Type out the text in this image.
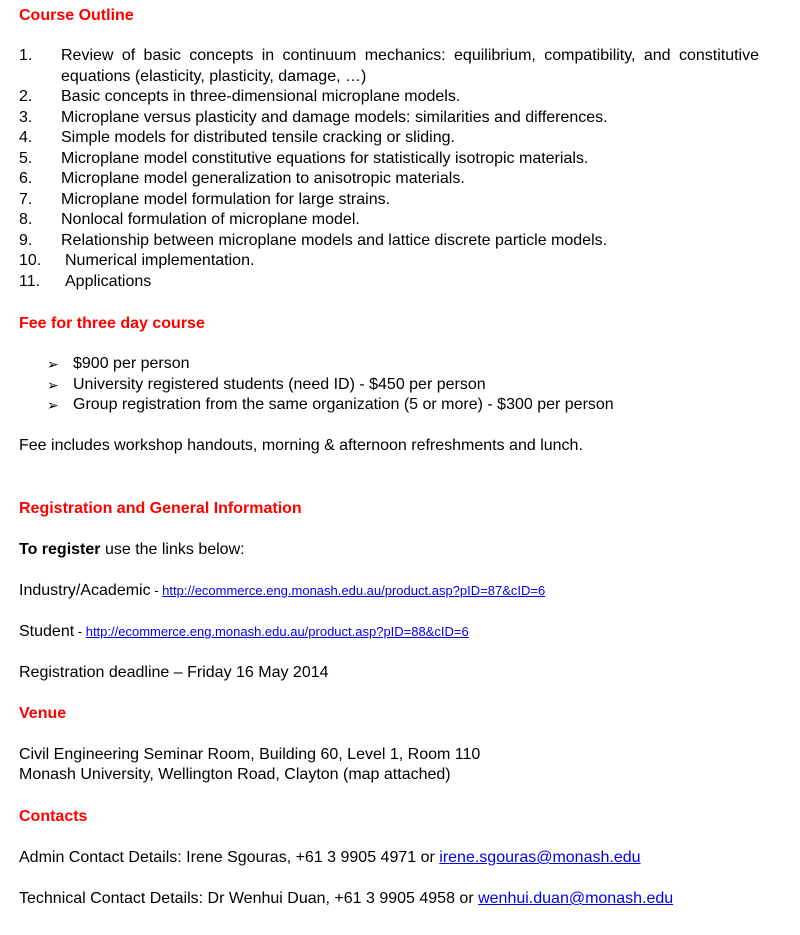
Course Outline

1. Review of basic concepts in continuum mechanics: equilibrium, compatibility, and constitutive equations (elasticity, plasticity, damage, …)
2. Basic concepts in three-dimensional microplane models.
3. Microplane versus plasticity and damage models: similarities and differences.
4. Simple models for distributed tensile cracking or sliding.
5. Microplane model constitutive equations for statistically isotropic materials.
6. Microplane model generalization to anisotropic materials.
7. Microplane model formulation for large strains.
8. Nonlocal formulation of microplane model.
9. Relationship between microplane models and lattice discrete particle models.
10. Numerical implementation.
11. Applications

Fee for three day course

➢ $900 per person
➢ University registered students (need ID) - $450 per person
➢ Group registration from the same organization (5 or more) - $300 per person

Fee includes workshop handouts, morning & afternoon refreshments and lunch.

Registration and General Information

To register use the links below:

Industry/Academic - http://ecommerce.eng.monash.edu.au/product.asp?pID=87&cID=6

Student - http://ecommerce.eng.monash.edu.au/product.asp?pID=88&cID=6

Registration deadline – Friday 16 May 2014

Venue

Civil Engineering Seminar Room, Building 60, Level 1, Room 110

Monash University, Wellington Road, Clayton (map attached)

Contacts

Admin Contact Details: Irene Sgouras, +61 3 9905 4971 or irene.sgouras@monash.edu

Technical Contact Details: Dr Wenhui Duan, +61 3 9905 4958 or wenhui.duan@monash.edu
